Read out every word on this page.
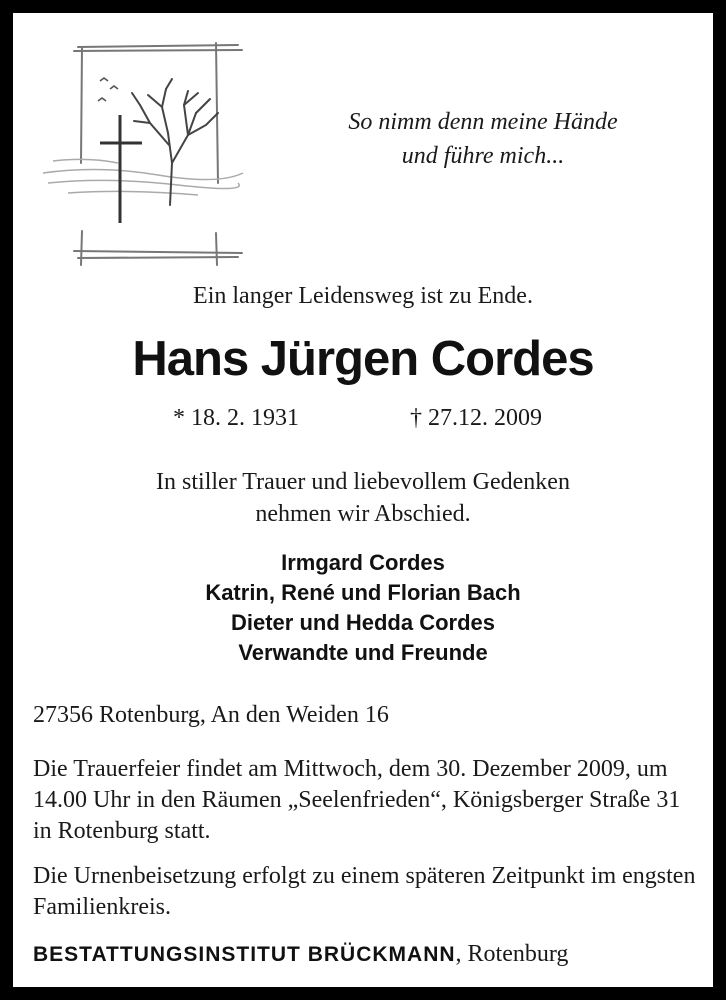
So nimm denn meine Hände
und führe mich...
Ein langer Leidensweg ist zu Ende.
Hans Jürgen Cordes
* 18. 2. 1931	† 27.12. 2009
In stiller Trauer und liebevollem Gedenken
nehmen wir Abschied.
Irmgard Cordes
Katrin, René und Florian Bach
Dieter und Hedda Cordes
Verwandte und Freunde
27356 Rotenburg, An den Weiden 16
Die Trauerfeier findet am Mittwoch, dem 30. Dezember 2009, um 14.00 Uhr in den Räumen „Seelenfrieden“, Königsberger Straße 31 in Rotenburg statt.
Die Urnenbeisetzung erfolgt zu einem späteren Zeitpunkt im engsten Familienkreis.
BESTATTUNGSINSTITUT BRÜCKMANN, Rotenburg
